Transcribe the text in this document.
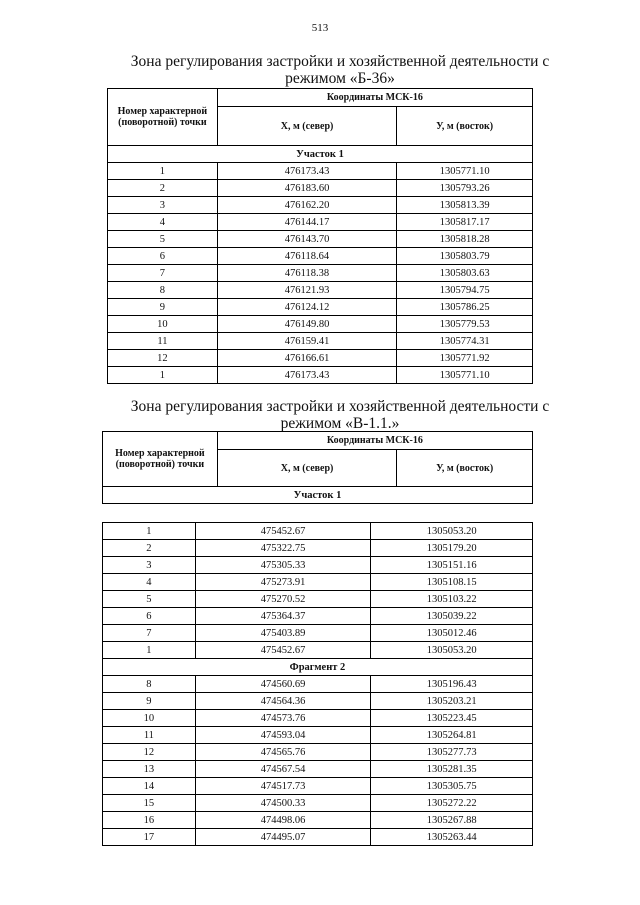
513
Зона регулирования застройки и хозяйственной деятельности с
режимом «Б-36»
Номер характерной (поворотной) точки	Координаты МСК-16	
	Х, м (север)	У, м (восток)
Участок 1		
1	476173.43	1305771.10
2	476183.60	1305793.26
3	476162.20	1305813.39
4	476144.17	1305817.17
5	476143.70	1305818.28
6	476118.64	1305803.79
7	476118.38	1305803.63
8	476121.93	1305794.75
9	476124.12	1305786.25
10	476149.80	1305779.53
11	476159.41	1305774.31
12	476166.61	1305771.92
1	476173.43	1305771.10
Зона регулирования застройки и хозяйственной деятельности с
режимом «В-1.1.»
Номер характерной (поворотной) точки	Координаты МСК-16	
	Х, м (север)	У, м (восток)
Участок 1		
1	475452.67	1305053.20
2	475322.75	1305179.20
3	475305.33	1305151.16
4	475273.91	1305108.15
5	475270.52	1305103.22
6	475364.37	1305039.22
7	475403.89	1305012.46
1	475452.67	1305053.20
Фрагмент 2		
8	474560.69	1305196.43
9	474564.36	1305203.21
10	474573.76	1305223.45
11	474593.04	1305264.81
12	474565.76	1305277.73
13	474567.54	1305281.35
14	474517.73	1305305.75
15	474500.33	1305272.22
16	474498.06	1305267.88
17	474495.07	1305263.44
